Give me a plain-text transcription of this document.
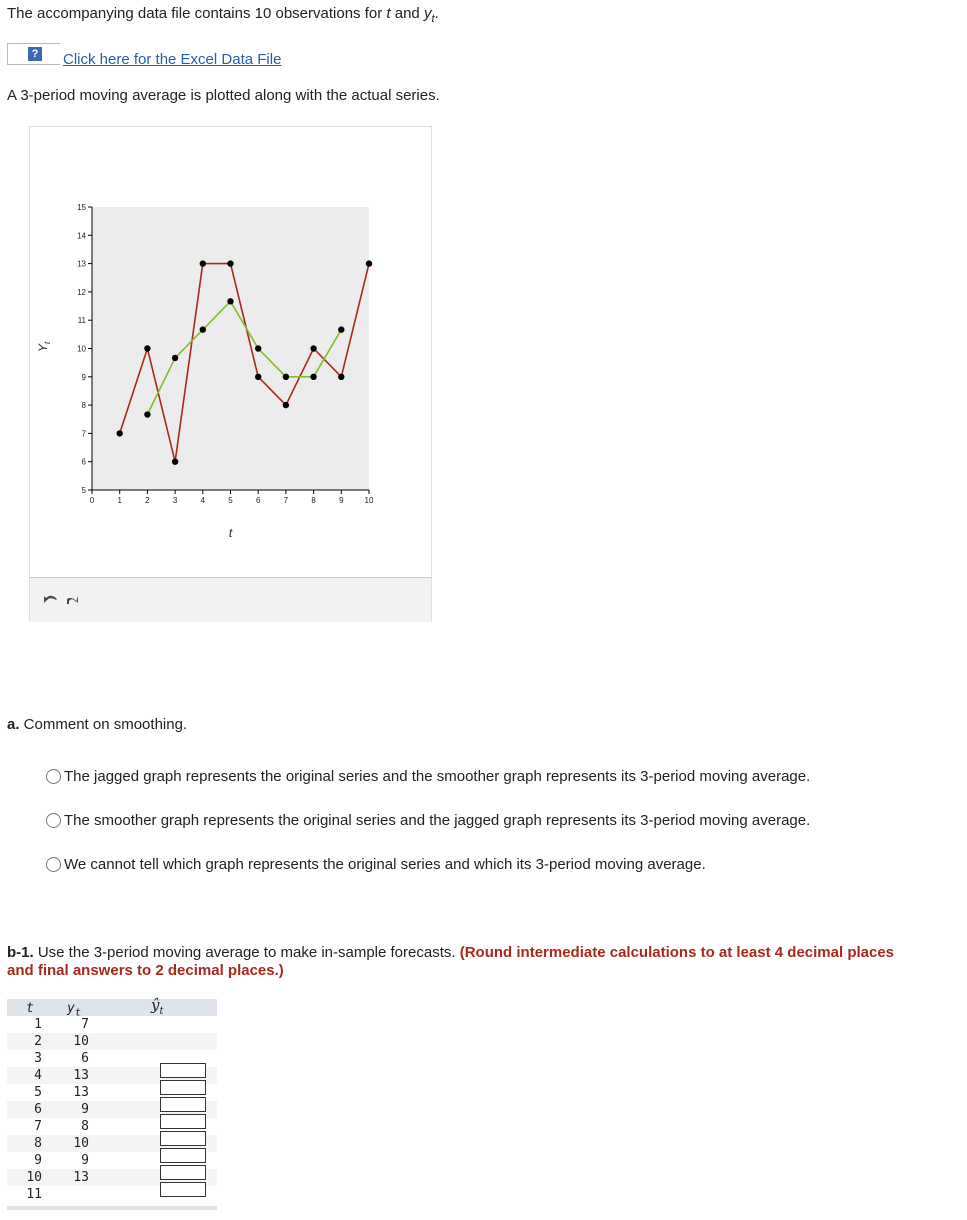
The accompanying data file contains 10 observations for t and $y_t$.
? Click here for the Excel Data File
A 3-period moving average is plotted along with the actual series.
5
6
7
8
9
10
11
12
13
14
15
0	1	2	3	4	5	6	7	8	9	10
$Y_t$
t
a. Comment on smoothing.
The jagged graph represents the original series and the smoother graph represents its 3-period moving average.
The smoother graph represents the original series and the jagged graph represents its 3-period moving average.
We cannot tell which graph represents the original series and which its 3-period moving average.
b-1. Use the 3-period moving average to make in-sample forecasts. (Round intermediate calculations to at least 4 decimal places
and final answers to 2 decimal places.)
t	$y_t$	$ŷ_t$
1	7
2	10
3	6
4	13
5	13
6	9
7	8
8	10
9	9
10	13
11
